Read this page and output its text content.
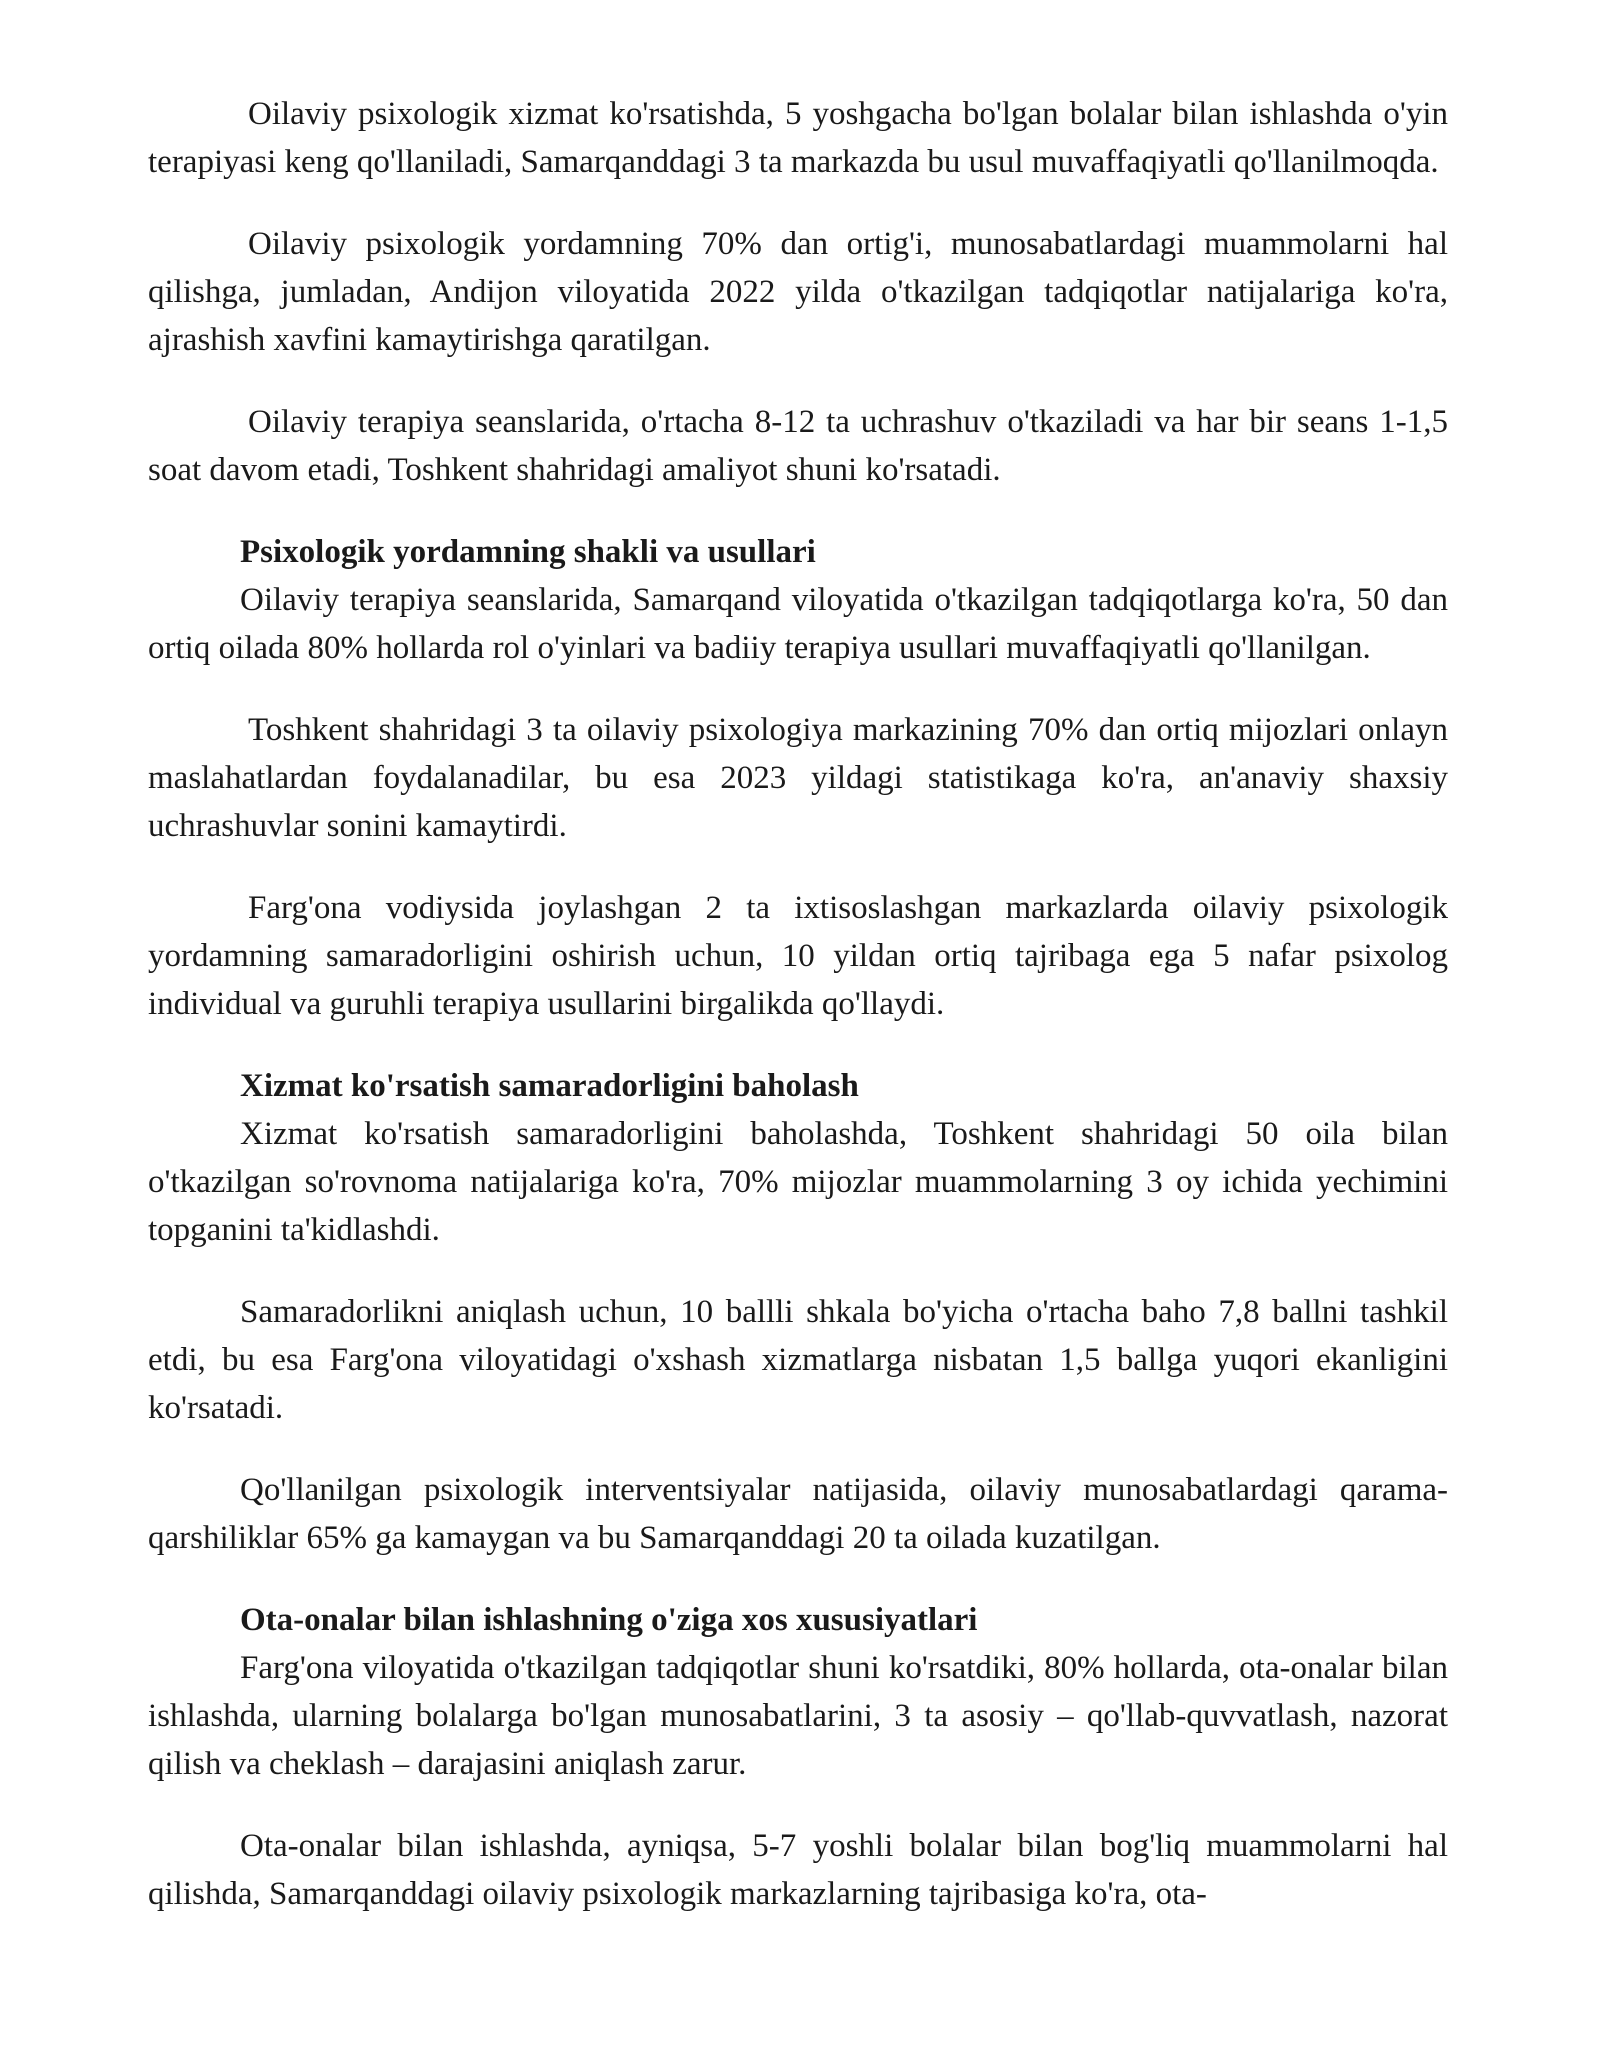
Oilaviy psixologik xizmat ko'rsatishda, 5 yoshgacha bo'lgan bolalar bilan ishlashda o'yin terapiyasi keng qo'llaniladi, Samarqanddagi 3 ta markazda bu usul muvaffaqiyatli qo'llanilmoqda.

Oilaviy psixologik yordamning 70% dan ortig'i, munosabatlardagi muammolarni hal qilishga, jumladan, Andijon viloyatida 2022 yilda o'tkazilgan tadqiqotlar natijalariga ko'ra, ajrashish xavfini kamaytirishga qaratilgan.

Oilaviy terapiya seanslarida, o'rtacha 8-12 ta uchrashuv o'tkaziladi va har bir seans 1-1,5 soat davom etadi, Toshkent shahridagi amaliyot shuni ko'rsatadi.

Psixologik yordamning shakli va usullari

Oilaviy terapiya seanslarida, Samarqand viloyatida o'tkazilgan tadqiqotlarga ko'ra, 50 dan ortiq oilada 80% hollarda rol o'yinlari va badiiy terapiya usullari muvaffaqiyatli qo'llanilgan.

Toshkent shahridagi 3 ta oilaviy psixologiya markazining 70% dan ortiq mijozlari onlayn maslahatlardan foydalanadilar, bu esa 2023 yildagi statistikaga ko'ra, an'anaviy shaxsiy uchrashuvlar sonini kamaytirdi.

Farg'ona vodiysida joylashgan 2 ta ixtisoslashgan markazlarda oilaviy psixologik yordamning samaradorligini oshirish uchun, 10 yildan ortiq tajribaga ega 5 nafar psixolog individual va guruhli terapiya usullarini birgalikda qo'llaydi.

Xizmat ko'rsatish samaradorligini baholash

Xizmat ko'rsatish samaradorligini baholashda, Toshkent shahridagi 50 oila bilan o'tkazilgan so'rovnoma natijalariga ko'ra, 70% mijozlar muammolarning 3 oy ichida yechimini topganini ta'kidlashdi.

Samaradorlikni aniqlash uchun, 10 ballli shkala bo'yicha o'rtacha baho 7,8 ballni tashkil etdi, bu esa Farg'ona viloyatidagi o'xshash xizmatlarga nisbatan 1,5 ballga yuqori ekanligini ko'rsatadi.

Qo'llanilgan psixologik interventsiyalar natijasida, oilaviy munosabatlardagi qarama-qarshiliklar 65% ga kamaygan va bu Samarqanddagi 20 ta oilada kuzatilgan.

Ota-onalar bilan ishlashning o'ziga xos xususiyatlari

Farg'ona viloyatida o'tkazilgan tadqiqotlar shuni ko'rsatdiki, 80% hollarda, ota-onalar bilan ishlashda, ularning bolalarga bo'lgan munosabatlarini, 3 ta asosiy – qo'llab-quvvatlash, nazorat qilish va cheklash – darajasini aniqlash zarur.

Ota-onalar bilan ishlashda, ayniqsa, 5-7 yoshli bolalar bilan bog'liq muammolarni hal qilishda, Samarqanddagi oilaviy psixologik markazlarning tajribasiga ko'ra, ota-
